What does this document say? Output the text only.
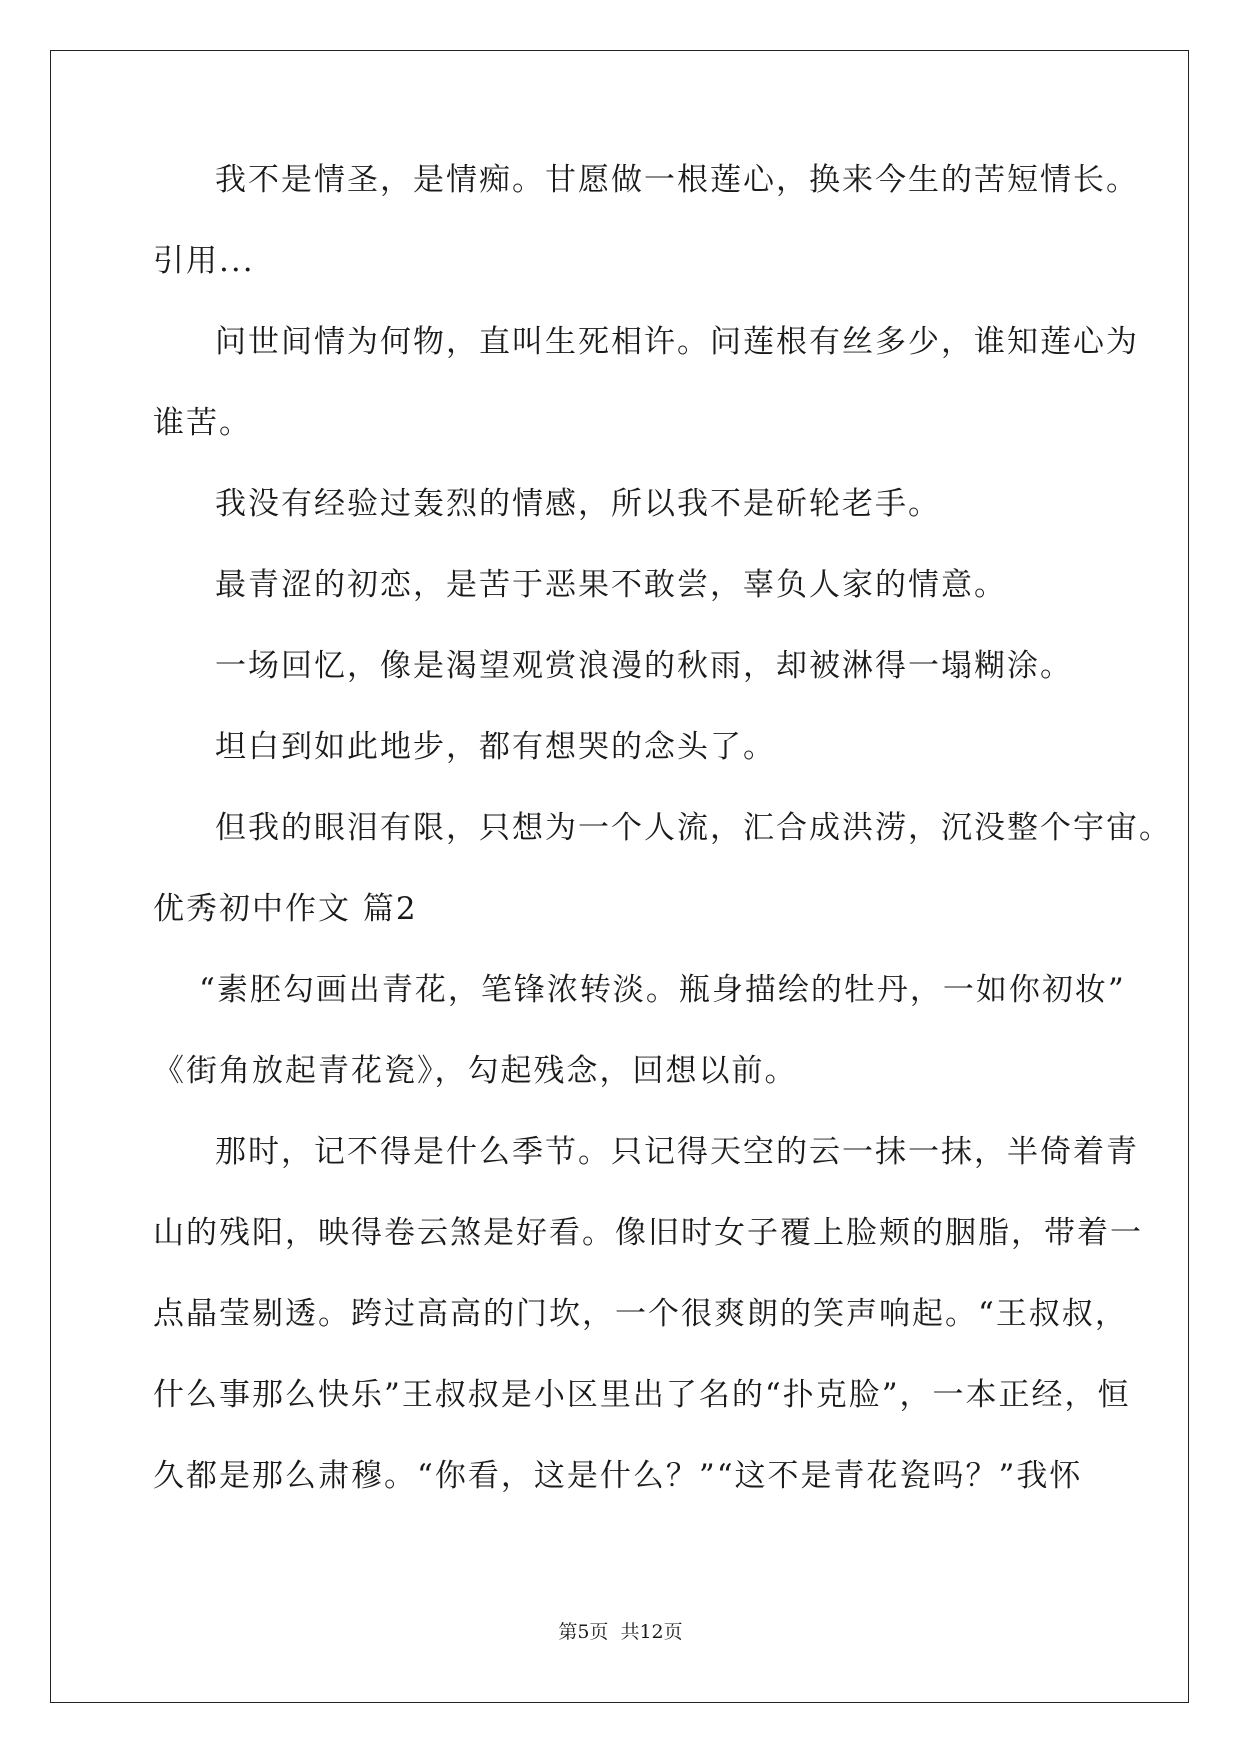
我不是情圣，是情痴。甘愿做一根莲心，换来今生的苦短情长。
引用...
问世间情为何物，直叫生死相许。问莲根有丝多少，谁知莲心为
谁苦。
我没有经验过轰烈的情感，所以我不是斫轮老手。
最青涩的初恋，是苦于恶果不敢尝，辜负人家的情意。
一场回忆，像是渴望观赏浪漫的秋雨，却被淋得一塌糊涂。
坦白到如此地步，都有想哭的念头了。
但我的眼泪有限，只想为一个人流，汇合成洪涝，沉没整个宇宙。
优秀初中作文 篇2
“素胚勾画出青花，笔锋浓转淡。瓶身描绘的牡丹，一如你初妆”
《街角放起青花瓷》，勾起残念，回想以前。
那时，记不得是什么季节。只记得天空的云一抹一抹，半倚着青
山的残阳，映得卷云煞是好看。像旧时女子覆上脸颊的胭脂，带着一
点晶莹剔透。跨过高高的门坎，一个很爽朗的笑声响起。“王叔叔，
什么事那么快乐”王叔叔是小区里出了名的“扑克脸”，一本正经，恒
久都是那么肃穆。“你看，这是什么？”“这不是青花瓷吗？”我怀
第5页 共12页
